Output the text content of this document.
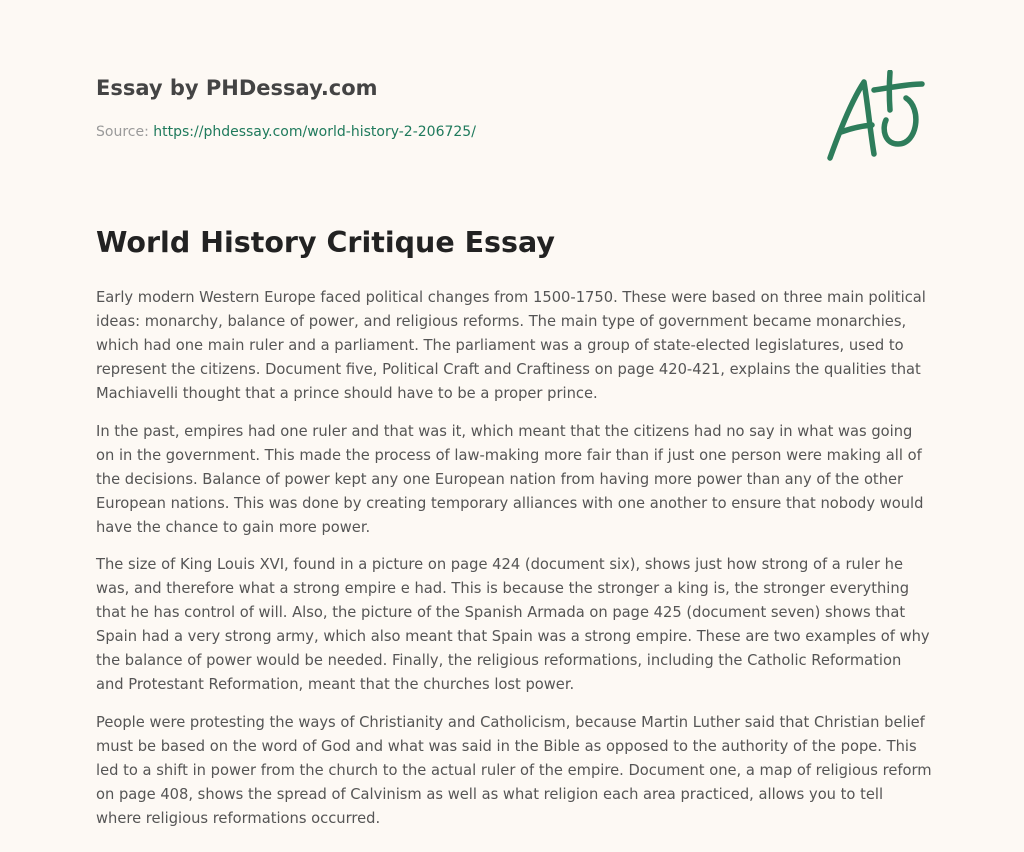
Essay by PHDessay.com
Source: https://phdessay.com/world-history-2-206725/
World History Critique Essay

Early modern Western Europe faced political changes from 1500-1750. These were based on three main political ideas: monarchy, balance of power, and religious reforms. The main type of government became monarchies, which had one main ruler and a parliament. The parliament was a group of state-elected legislatures, used to represent the citizens. Document five, Political Craft and Craftiness on page 420-421, explains the qualities that Machiavelli thought that a prince should have to be a proper prince.

In the past, empires had one ruler and that was it, which meant that the citizens had no say in what was going on in the government. This made the process of law-making more fair than if just one person were making all of the decisions. Balance of power kept any one European nation from having more power than any of the other European nations. This was done by creating temporary alliances with one another to ensure that nobody would have the chance to gain more power.

The size of King Louis XVI, found in a picture on page 424 (document six), shows just how strong of a ruler he was, and therefore what a strong empire e had. This is because the stronger a king is, the stronger everything that he has control of will. Also, the picture of the Spanish Armada on page 425 (document seven) shows that Spain had a very strong army, which also meant that Spain was a strong empire. These are two examples of why the balance of power would be needed. Finally, the religious reformations, including the Catholic Reformation and Protestant Reformation, meant that the churches lost power.

People were protesting the ways of Christianity and Catholicism, because Martin Luther said that Christian belief must be based on the word of God and what was said in the Bible as opposed to the authority of the pope. This led to a shift in power from the church to the actual ruler of the empire. Document one, a map of religious reform on page 408, shows the spread of Calvinism as well as what religion each area practiced, allows you to tell where religious reformations occurred.
